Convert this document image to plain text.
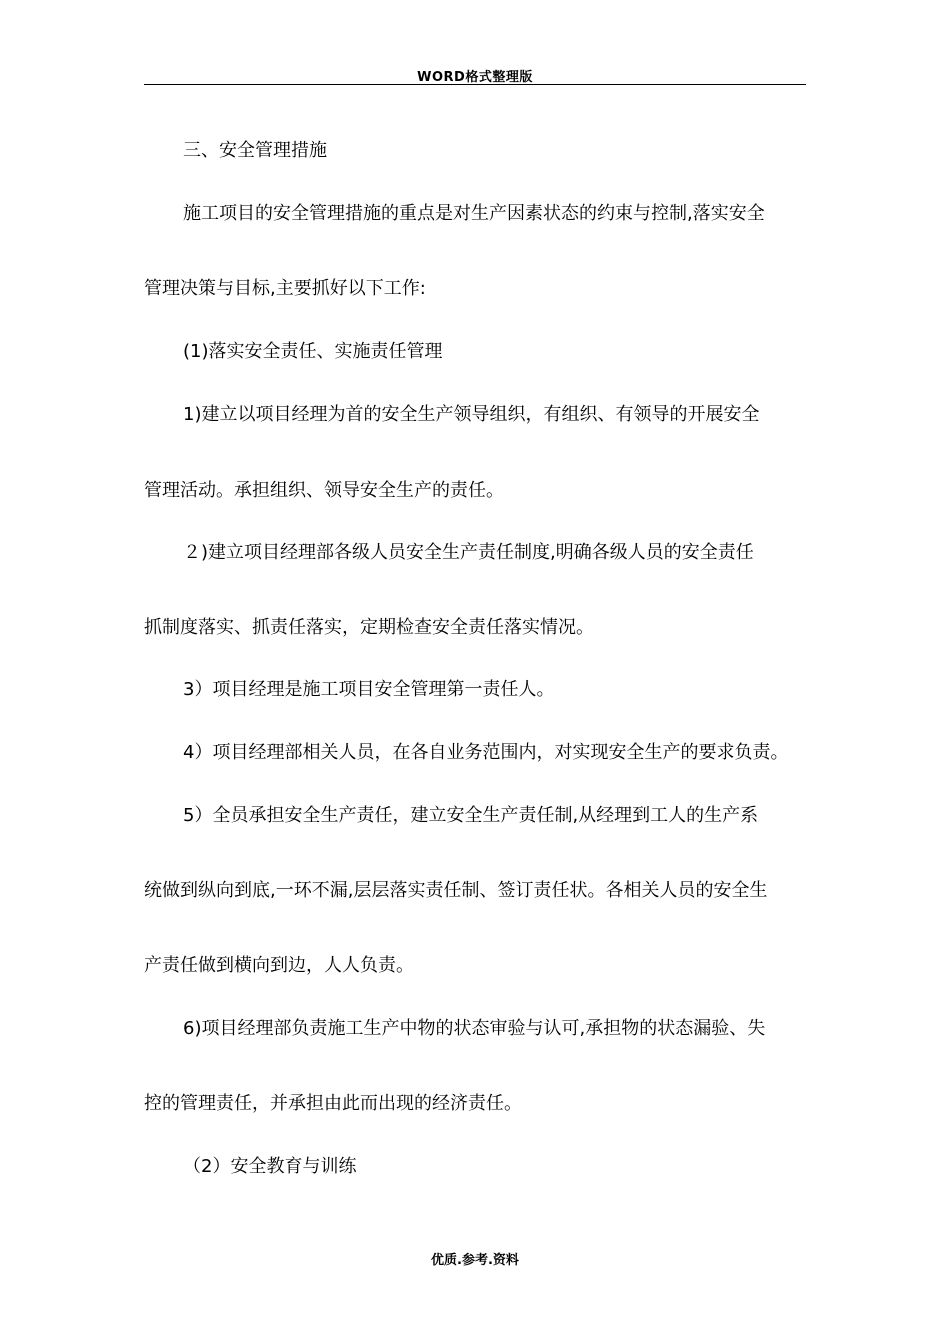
WORD格式整理版
三、安全管理措施
施工项目的安全管理措施的重点是对生产因素状态的约束与控制,落实安全
管理决策与目标,主要抓好以下工作:
(1)落实安全责任、实施责任管理
1)建立以项目经理为首的安全生产领导组织，有组织、有领导的开展安全
管理活动。承担组织、领导安全生产的责任。
２)建立项目经理部各级人员安全生产责任制度,明确各级人员的安全责任
抓制度落实、抓责任落实，定期检查安全责任落实情况。
3）项目经理是施工项目安全管理第一责任人。
4）项目经理部相关人员，在各自业务范围内，对实现安全生产的要求负责。
5）全员承担安全生产责任，建立安全生产责任制,从经理到工人的生产系
统做到纵向到底,一环不漏,层层落实责任制、签订责任状。各相关人员的安全生
产责任做到横向到边，人人负责。
6)项目经理部负责施工生产中物的状态审验与认可,承担物的状态漏验、失
控的管理责任，并承担由此而出现的经济责任。
（2）安全教育与训练
优质.参考.资料
